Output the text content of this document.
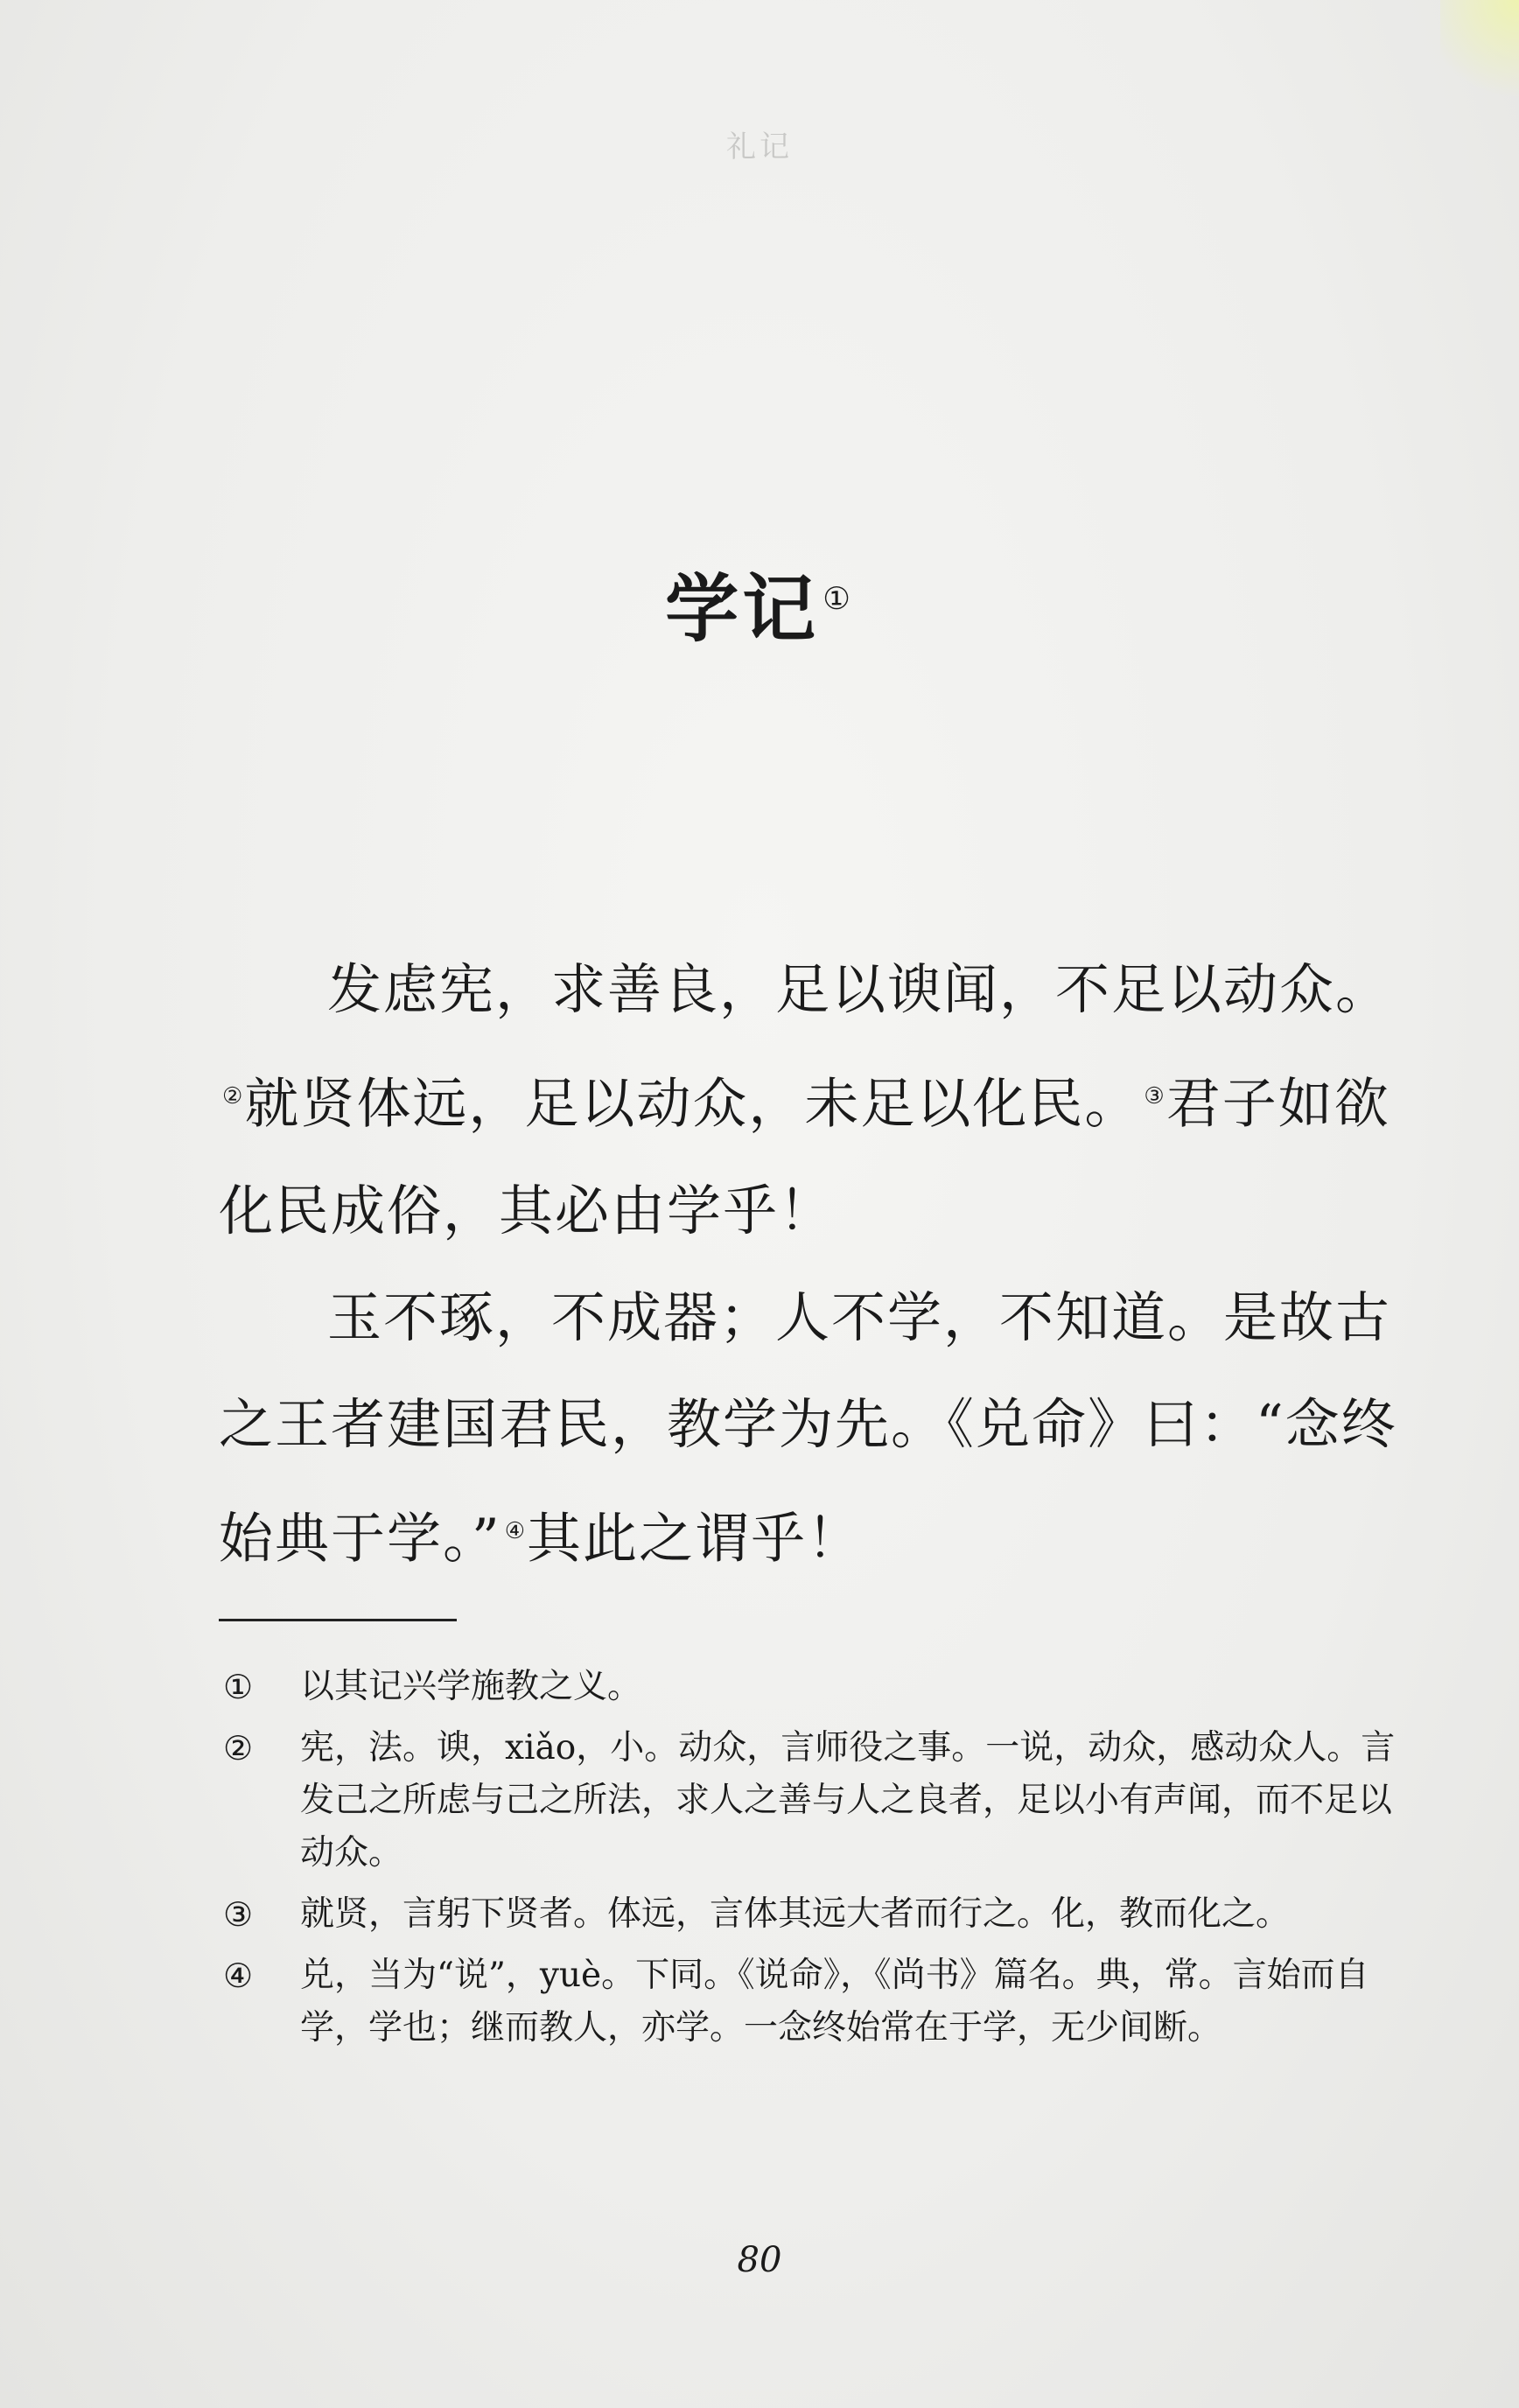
礼记
学记 ①

发虑宪，求善良，足以谀闻，不足以动众。②就贤体远，足以动众，未足以化民。 ③君子如欲化民成俗，其必由学乎！

玉不琢，不成器；人不学，不知道。是故古之王者建国君民，教学为先。《兑命》曰：“念终始典于学。” ④其此之谓乎！

①	以其记兴学施教之义。
②	宪，法。谀，xiǎo，小。动众，言师役之事。一说，动众，感动众人。言发己之所虑与己之所法，求人之善与人之良者，足以小有声闻，而不足以动众。
③	就贤，言躬下贤者。体远，言体其远大者而行之。化，教而化之。
④	兑，当为“说”，yuè。下同。《说命》，《尚书》篇名。典，常。言始而自学，学也；继而教人，亦学。一念终始常在于学，无少间断。
80
